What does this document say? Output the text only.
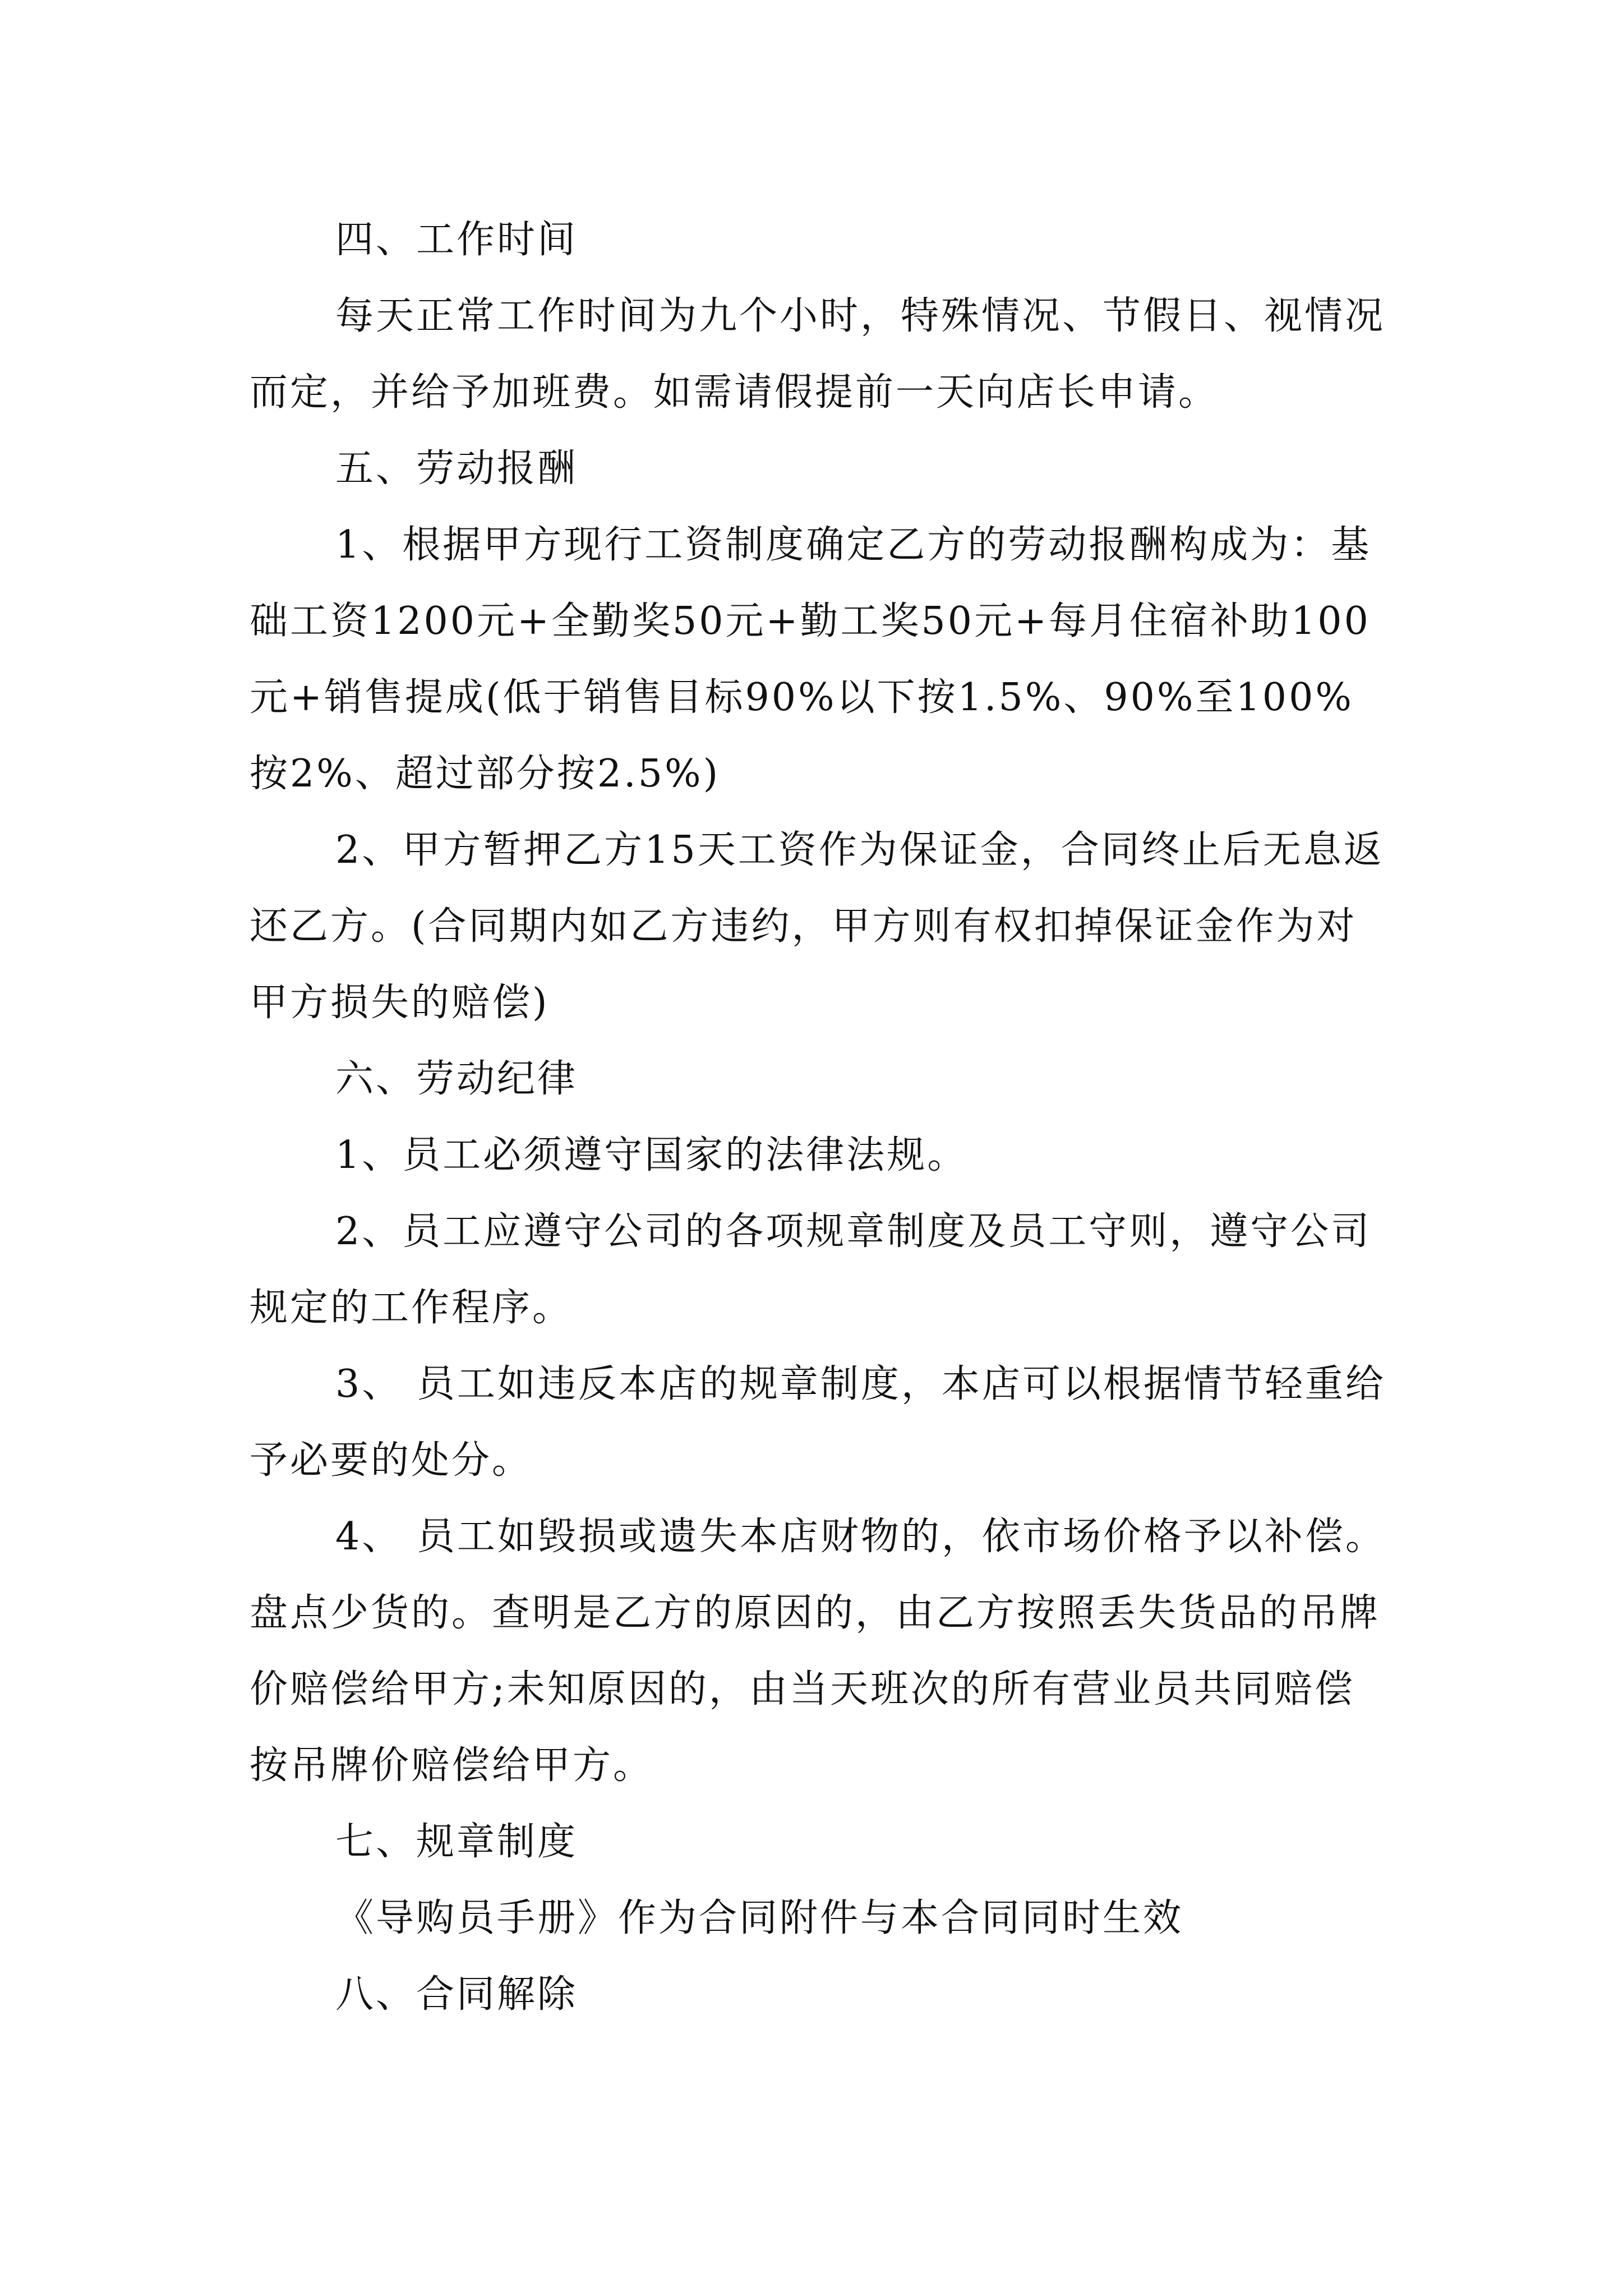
四、工作时间

每天正常工作时间为九个小时，特殊情况、节假日、视情况而定，并给予加班费。如需请假提前一天向店长申请。

五、劳动报酬

1、根据甲方现行工资制度确定乙方的劳动报酬构成为：基础工资1200元+全勤奖50元+勤工奖50元+每月住宿补助100元+销售提成(低于销售目标90%以下按1.5%、90%至100%按2%、超过部分按2.5%)

2、甲方暂押乙方15天工资作为保证金，合同终止后无息返还乙方。(合同期内如乙方违约，甲方则有权扣掉保证金作为对甲方损失的赔偿)

六、劳动纪律

1、员工必须遵守国家的法律法规。

2、员工应遵守公司的各项规章制度及员工守则，遵守公司规定的工作程序。

3、 员工如违反本店的规章制度，本店可以根据情节轻重给予必要的处分。

4、 员工如毁损或遗失本店财物的，依市场价格予以补偿。盘点少货的。查明是乙方的原因的，由乙方按照丢失货品的吊牌价赔偿给甲方;未知原因的，由当天班次的所有营业员共同赔偿按吊牌价赔偿给甲方。

七、规章制度

《导购员手册》作为合同附件与本合同同时生效

八、合同解除
